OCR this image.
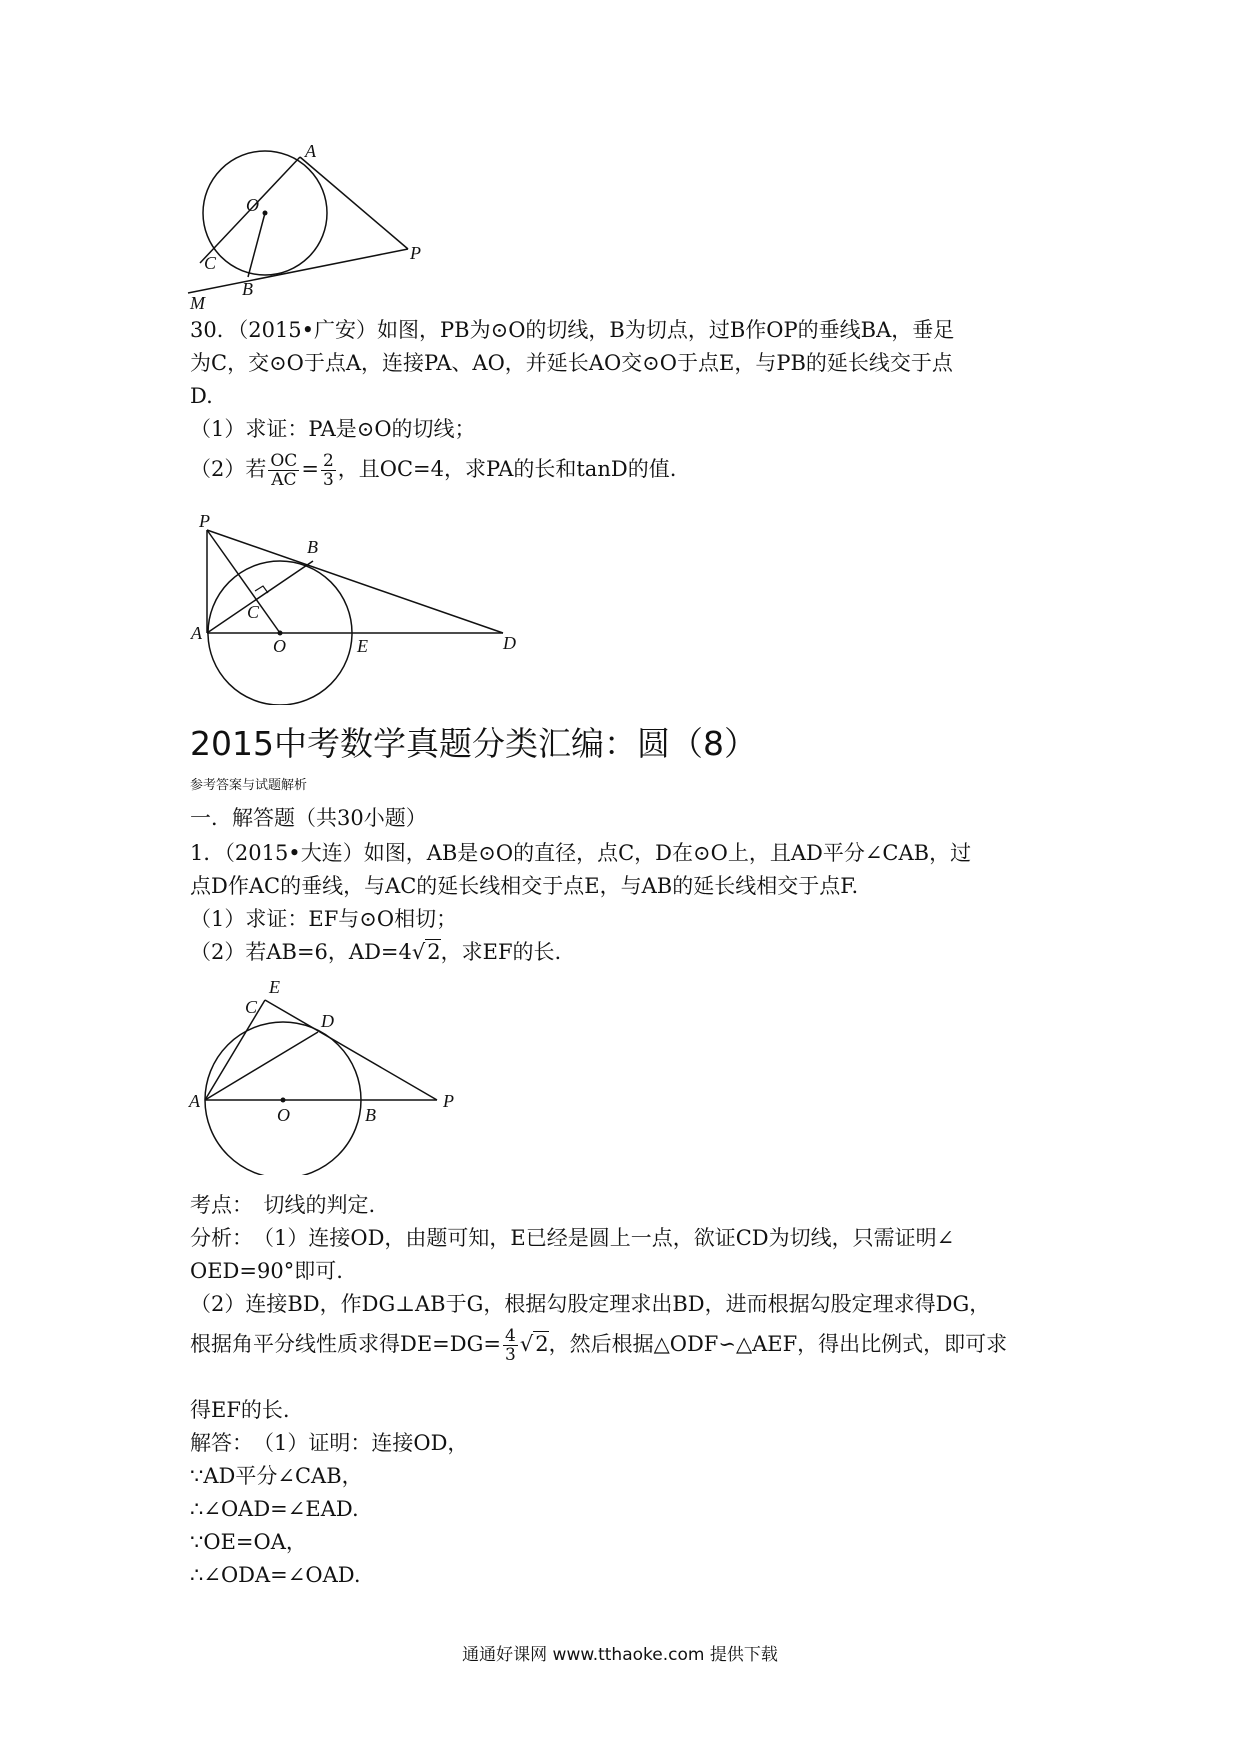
A
O
C
B
P
M
30．（2015•广安）如图，PB为⊙O的切线，B为切点，过B作OP的垂线BA，垂足
为C，交⊙O于点A，连接PA、AO，并延长AO交⊙O于点E，与PB的延长线交于点
D.
（1）求证：PA是⊙O的切线；
（2）若 $\frac{OC}{AC} = \frac{2}{3}$ ，且OC=4，求PA的长和tanD的值.
P
B
C
A
O	E	D
2015中考数学真题分类汇编：圆（8）
参考答案与试题解析
一．解答题（共30小题）
1．（2015•大连）如图，AB是⊙O的直径，点C，D在⊙O上，且AD平分∠CAB，过
点D作AC的垂线，与AC的延长线相交于点E，与AB的延长线相交于点F.
（1）求证：EF与⊙O相切；
（2）若AB=6，AD=4√2，求EF的长.
E
C
D
A
O	B
P
考点：　切线的判定.
分析：　（1）连接OD，由题可知，E已经是圆上一点，欲证CD为切线，只需证明∠
OED=90°即可.
（2）连接BD，作DG⊥AB于G，根据勾股定理求出BD，进而根据勾股定理求得DG，
根据角平分线性质求得$DE=DG= \frac{4}{3} √2$，然后根据△ODF∽△AEF，得出比例式，即可求
得EF的长.
解答：　（1）证明：连接OD，
∵AD平分∠CAB，
∴∠OAD=∠EAD.
∵OE=OA，
∴∠ODA=∠OAD.
通通好课网 www.tthaoke.com 提供下载
